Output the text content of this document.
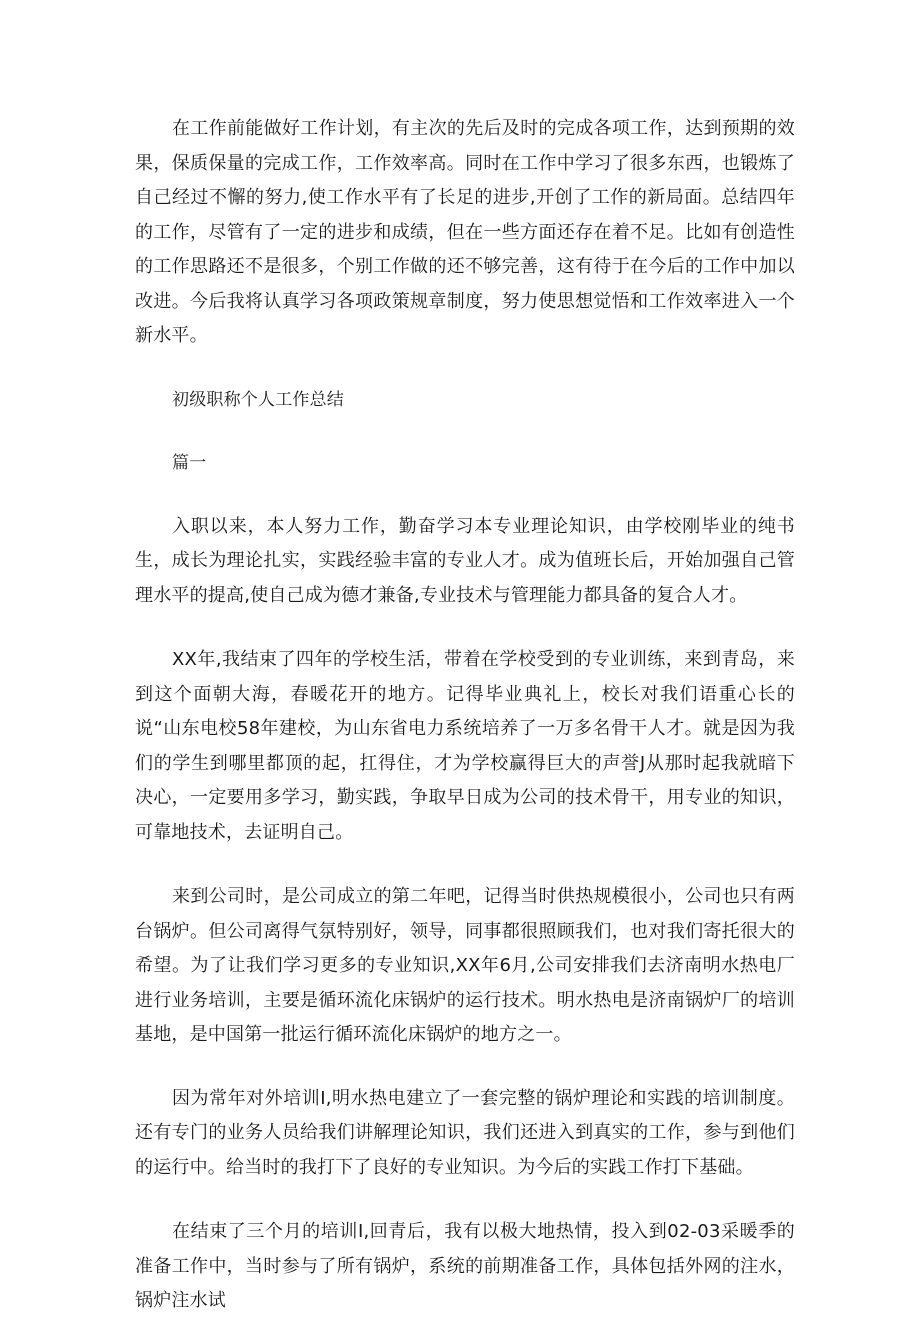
在工作前能做好工作计划，有主次的先后及时的完成各项工作，达到预期的效果，保质保量的完成工作，工作效率高。同时在工作中学习了很多东西，也锻炼了自己经过不懈的努力,使工作水平有了长足的进步,开创了工作的新局面。总结四年的工作，尽管有了一定的进步和成绩，但在一些方面还存在着不足。比如有创造性的工作思路还不是很多，个别工作做的还不够完善，这有待于在今后的工作中加以改进。今后我将认真学习各项政策规章制度，努力使思想觉悟和工作效率进入一个新水平。

初级职称个人工作总结

篇一

入职以来，本人努力工作，勤奋学习本专业理论知识，由学校刚毕业的纯书生，成长为理论扎实，实践经验丰富的专业人才。成为值班长后，开始加强自己管理水平的提高,使自己成为德才兼备,专业技术与管理能力都具备的复合人才。

XX年,我结束了四年的学校生活，带着在学校受到的专业训练，来到青岛，来到这个面朝大海，春暖花开的地方。记得毕业典礼上，校长对我们语重心长的说“山东电校58年建校，为山东省电力系统培养了一万多名骨干人才。就是因为我们的学生到哪里都顶的起，扛得住，才为学校赢得巨大的声誉J从那时起我就暗下决心，一定要用多学习，勤实践，争取早日成为公司的技术骨干，用专业的知识，可靠地技术，去证明自己。

来到公司时，是公司成立的第二年吧，记得当时供热规模很小，公司也只有两台锅炉。但公司离得气氛特别好，领导，同事都很照顾我们，也对我们寄托很大的希望。为了让我们学习更多的专业知识,XX年6月,公司安排我们去济南明水热电厂进行业务培训，主要是循环流化床锅炉的运行技术。明水热电是济南锅炉厂的培训基地，是中国第一批运行循环流化床锅炉的地方之一。

因为常年对外培训I,明水热电建立了一套完整的锅炉理论和实践的培训制度。还有专门的业务人员给我们讲解理论知识，我们还进入到真实的工作，参与到他们的运行中。给当时的我打下了良好的专业知识。为今后的实践工作打下基础。

在结束了三个月的培训I,回青后，我有以极大地热情，投入到02-03采暖季的准备工作中，当时参与了所有锅炉，系统的前期准备工作，具体包括外网的注水，锅炉注水试
